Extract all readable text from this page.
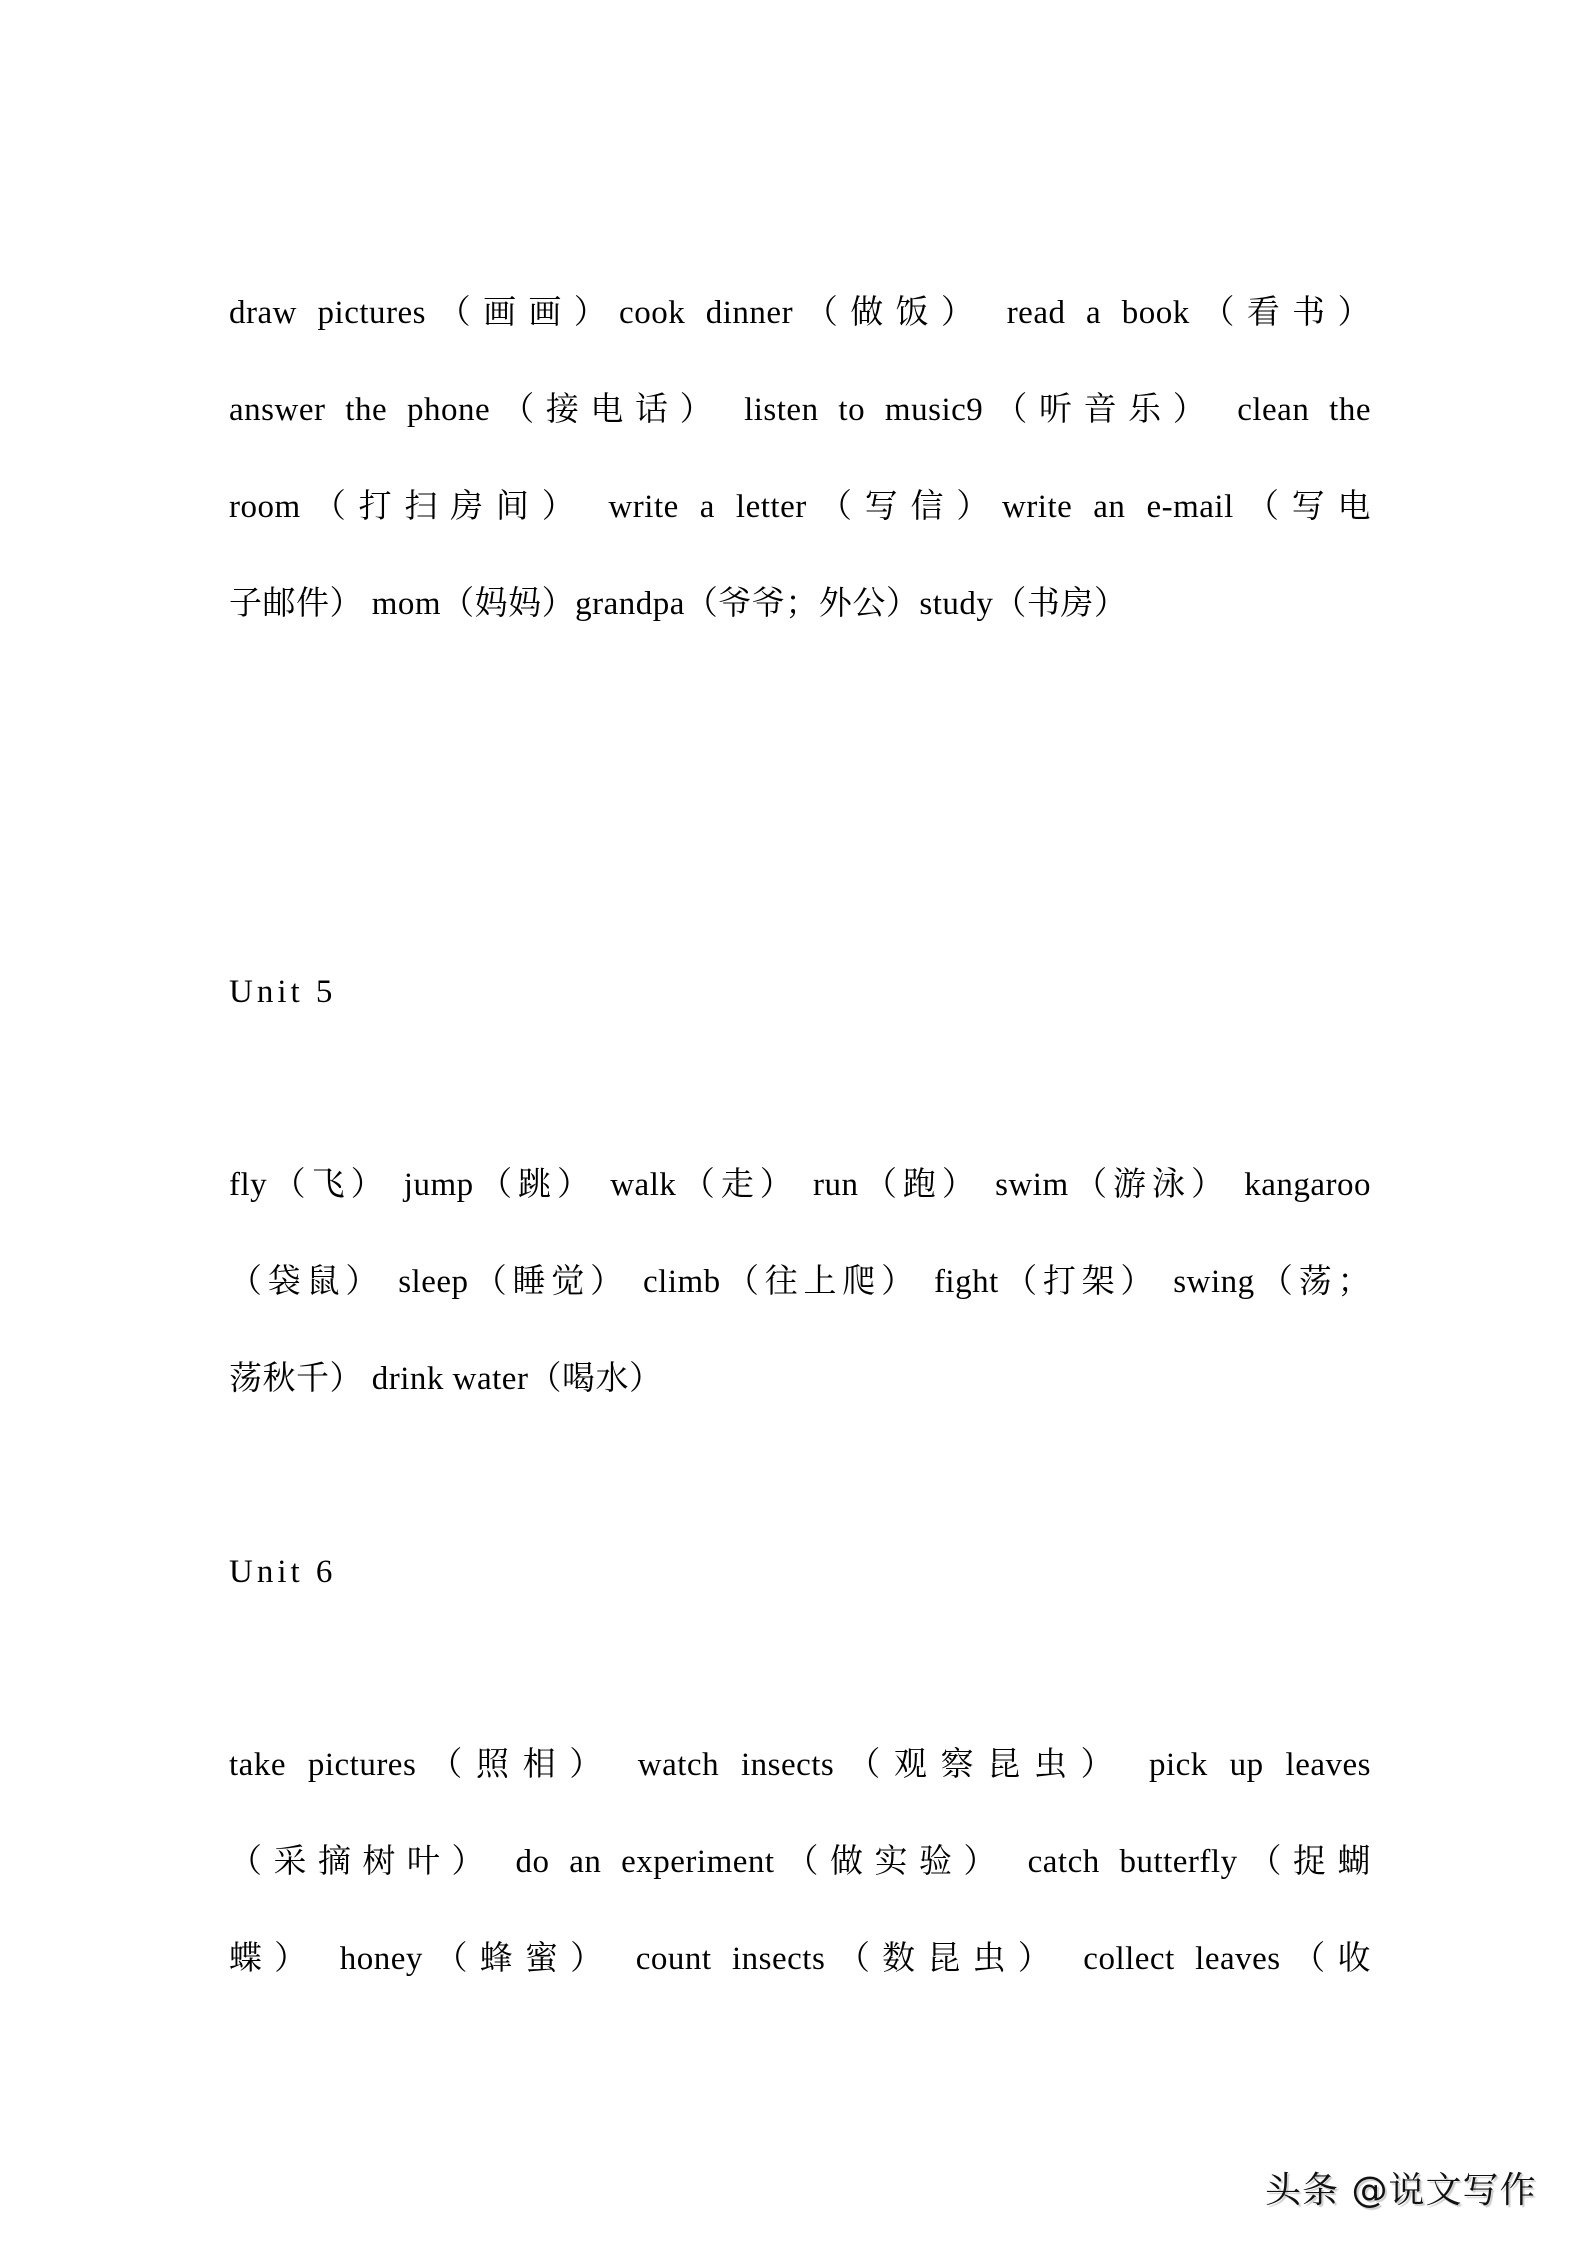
draw pictures（画画）cook dinner（做饭） read a book（看书）
answer the phone（接电话） listen to music9（听音乐） clean the
room（打扫房间） write a letter（写信）write an e-mail（写电
子邮件） mom（妈妈）grandpa（爷爷；外公）study（书房）
Unit 5
fly（飞） jump（跳） walk（走） run（跑） swim（游泳） kangaroo
（袋鼠） sleep（睡觉） climb（往上爬） fight（打架） swing（荡；
荡秋千） drink water（喝水）
Unit 6
take pictures（照相） watch insects（观察昆虫） pick up leaves
（采摘树叶） do an experiment（做实验） catch butterfly（捉蝴
蝶） honey（蜂蜜） count insects（数昆虫） collect leaves（收
头条 @说文写作
